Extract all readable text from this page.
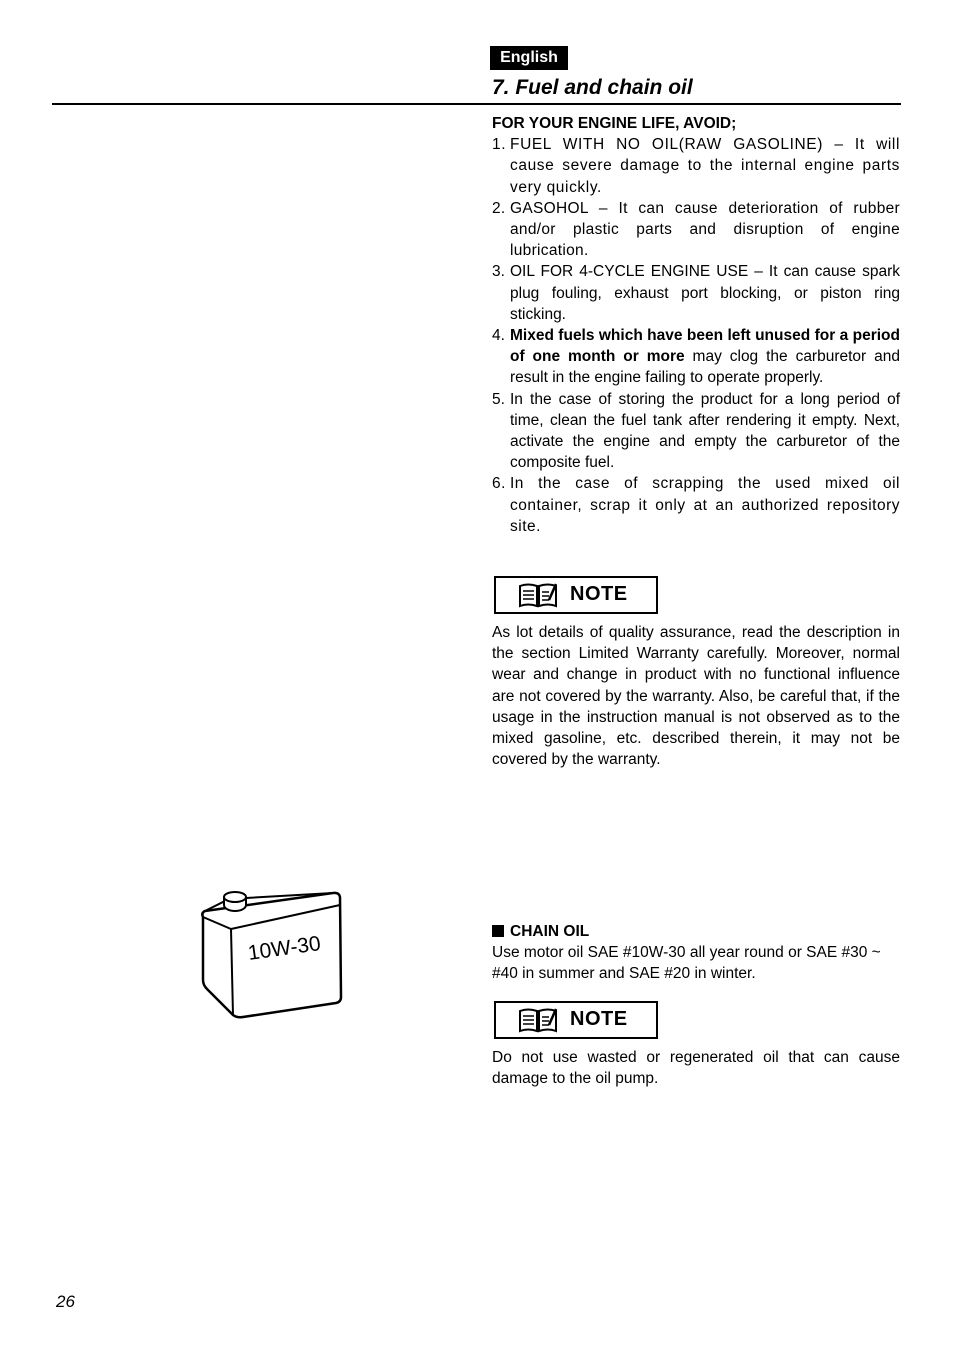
English
7. Fuel and chain oil

FOR YOUR ENGINE LIFE, AVOID;

1. FUEL WITH NO OIL(RAW GASOLINE) – It will cause severe damage to the internal engine parts very quickly.
2. GASOHOL – It can cause deterioration of rubber and/or plastic parts and disruption of engine lubrication.
3. OIL FOR 4-CYCLE ENGINE USE – It can cause spark plug fouling, exhaust port blocking, or piston ring sticking.
4. Mixed fuels which have been left unused for a period of one month or more may clog the carburetor and result in the engine failing to operate properly.
5. In the case of storing the product for a long period of time, clean the fuel tank after rendering it empty. Next, activate the engine and empty the carburetor of the composite fuel.
6. In the case of scrapping the used mixed oil container, scrap it only at an authorized repository site.
NOTE

As lot details of quality assurance, read the description in the section Limited Warranty carefully. Moreover, normal wear and change in product with no functional influence are not covered by the warranty. Also, be careful that, if the usage in the instruction manual is not observed as to the mixed gasoline, etc. described therein, it may not be covered by the warranty.

CHAIN OIL

Use motor oil SAE #10W-30 all year round or SAE #30 ~ #40 in summer and SAE #20 in winter.

NOTE

Do not use wasted or regenerated oil that can cause damage to the oil pump.

10W-30
26
